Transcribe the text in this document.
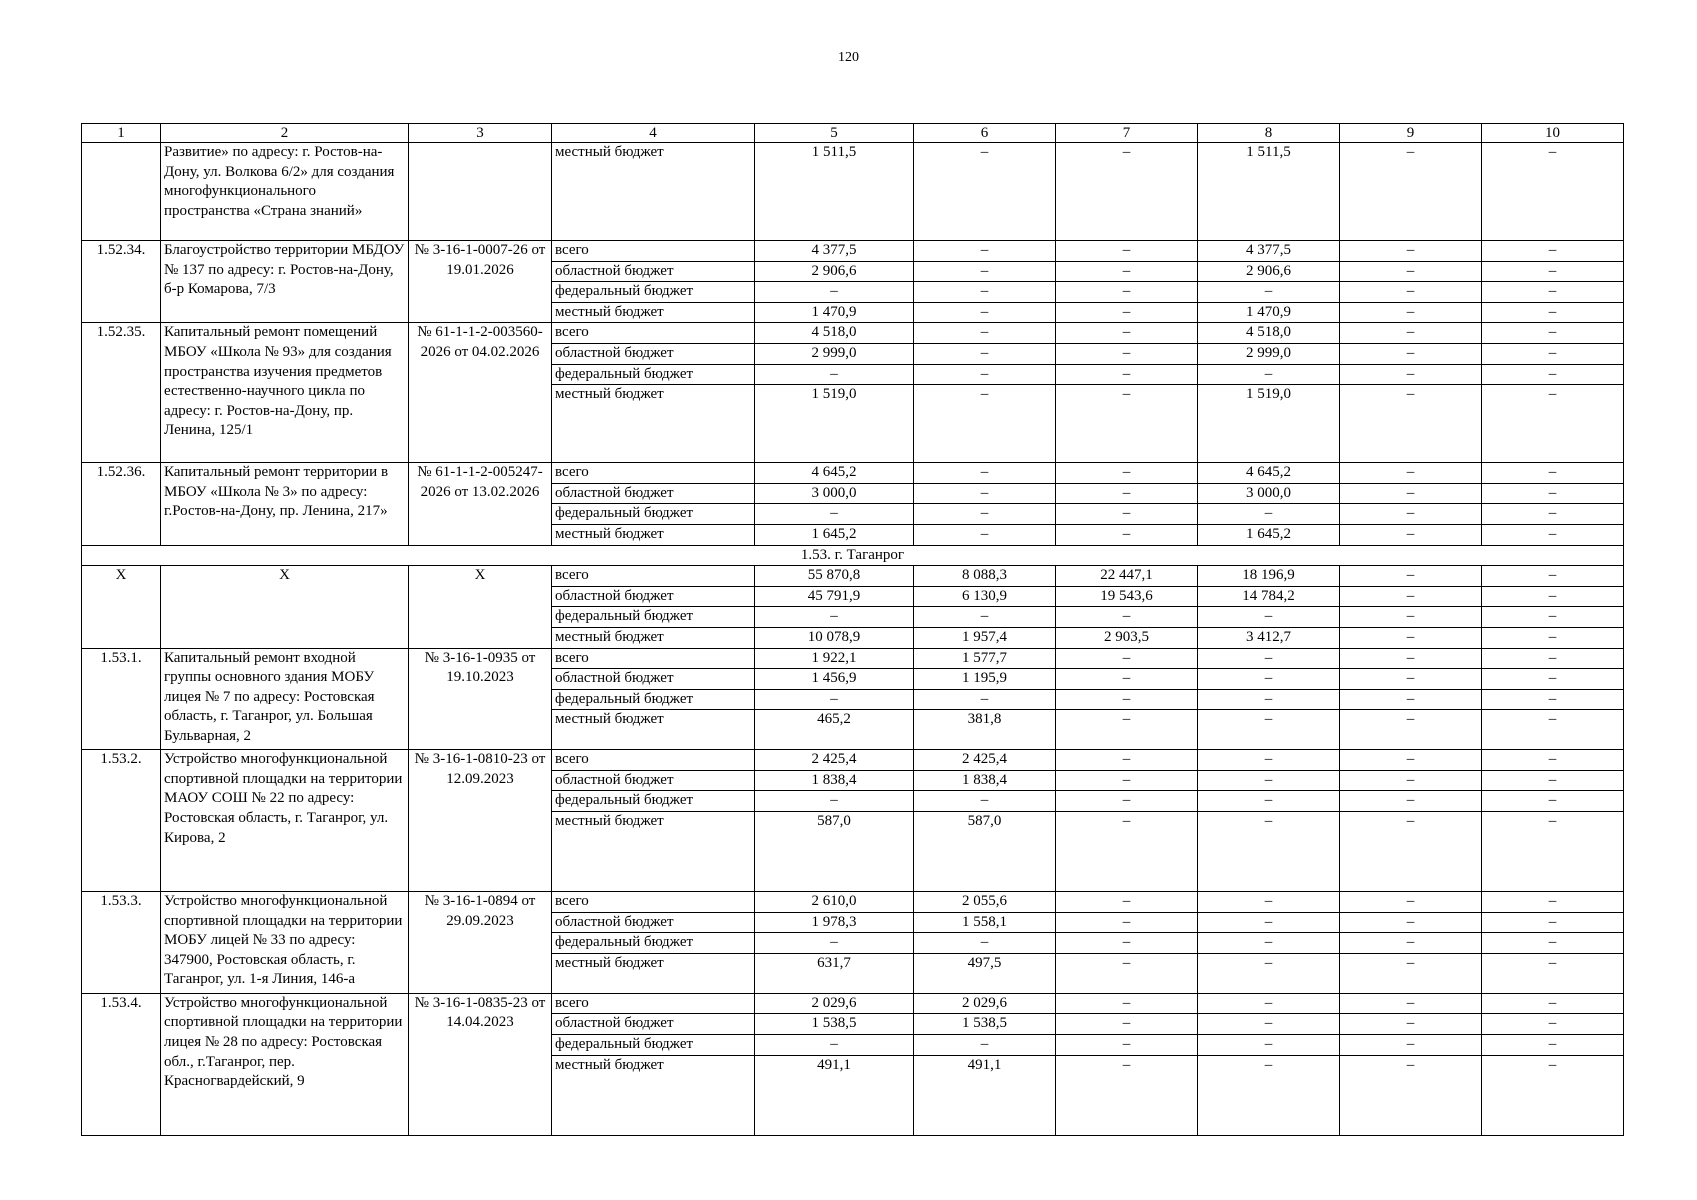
120
1	2	3	4	5	6	7	8	9	10
	Развитие» по адресу: г. Ростов-на-Дону, ул. Волкова 6/2» для создания многофункционального пространства «Страна знаний»		местный бюджет	1 511,5	–	–	1 511,5	–	–
1.52.34.	Благоустройство территории МБДОУ № 137 по адресу: г. Ростов-на-Дону, б-р Комарова, 7/3	№ 3-16-1-0007-26 от 19.01.2026	всего	4 377,5	–	–	4 377,5	–	–
			областной бюджет	2 906,6	–	–	2 906,6	–	–
			федеральный бюджет	–	–	–	–	–	–
			местный бюджет	1 470,9	–	–	1 470,9	–	–
1.52.35.	Капитальный ремонт помещений МБОУ «Школа № 93» для создания пространства изучения предметов естественно-научного цикла по адресу: г. Ростов-на-Дону, пр. Ленина, 125/1	№ 61-1-1-2-003560-2026 от 04.02.2026	всего	4 518,0	–	–	4 518,0	–	–
			областной бюджет	2 999,0	–	–	2 999,0	–	–
			федеральный бюджет	–	–	–	–	–	–
			местный бюджет	1 519,0	–	–	1 519,0	–	–
1.52.36.	Капитальный ремонт территории в МБОУ «Школа № 3» по адресу: г.Ростов-на-Дону, пр. Ленина, 217»	№ 61-1-1-2-005247-2026 от 13.02.2026	всего	4 645,2	–	–	4 645,2	–	–
			областной бюджет	3 000,0	–	–	3 000,0	–	–
			федеральный бюджет	–	–	–	–	–	–
			местный бюджет	1 645,2	–	–	1 645,2	–	–
1.53. г. Таганрог									
Х	Х	Х	всего	55 870,8	8 088,3	22 447,1	18 196,9	–	–
			областной бюджет	45 791,9	6 130,9	19 543,6	14 784,2	–	–
			федеральный бюджет	–	–	–	–	–	–
			местный бюджет	10 078,9	1 957,4	2 903,5	3 412,7	–	–
1.53.1.	Капитальный ремонт входной группы основного здания МОБУ лицея № 7 по адресу: Ростовская область, г. Таганрог, ул. Большая Бульварная, 2	№ 3-16-1-0935 от 19.10.2023	всего	1 922,1	1 577,7	–	–	–	–
			областной бюджет	1 456,9	1 195,9	–	–	–	–
			федеральный бюджет	–	–	–	–	–	–
			местный бюджет	465,2	381,8	–	–	–	–
1.53.2.	Устройство многофункциональной спортивной площадки на территории МАОУ СОШ № 22 по адресу: Ростовская область, г. Таганрог, ул. Кирова, 2	№ 3-16-1-0810-23 от 12.09.2023	всего	2 425,4	2 425,4	–	–	–	–
			областной бюджет	1 838,4	1 838,4	–	–	–	–
			федеральный бюджет	–	–	–	–	–	–
			местный бюджет	587,0	587,0	–	–	–	–
1.53.3.	Устройство многофункциональной спортивной площадки на территории МОБУ лицей № 33 по адресу: 347900, Ростовская область, г. Таганрог, ул. 1-я Линия, 146-а	№ 3-16-1-0894 от 29.09.2023	всего	2 610,0	2 055,6	–	–	–	–
			областной бюджет	1 978,3	1 558,1	–	–	–	–
			федеральный бюджет	–	–	–	–	–	–
			местный бюджет	631,7	497,5	–	–	–	–
1.53.4.	Устройство многофункциональной спортивной площадки на территории лицея № 28 по адресу: Ростовская обл., г.Таганрог, пер. Красногвардейский, 9	№ 3-16-1-0835-23 от 14.04.2023	всего	2 029,6	2 029,6	–	–	–	–
			областной бюджет	1 538,5	1 538,5	–	–	–	–
			федеральный бюджет	–	–	–	–	–	–
			местный бюджет	491,1	491,1	–	–	–	–
